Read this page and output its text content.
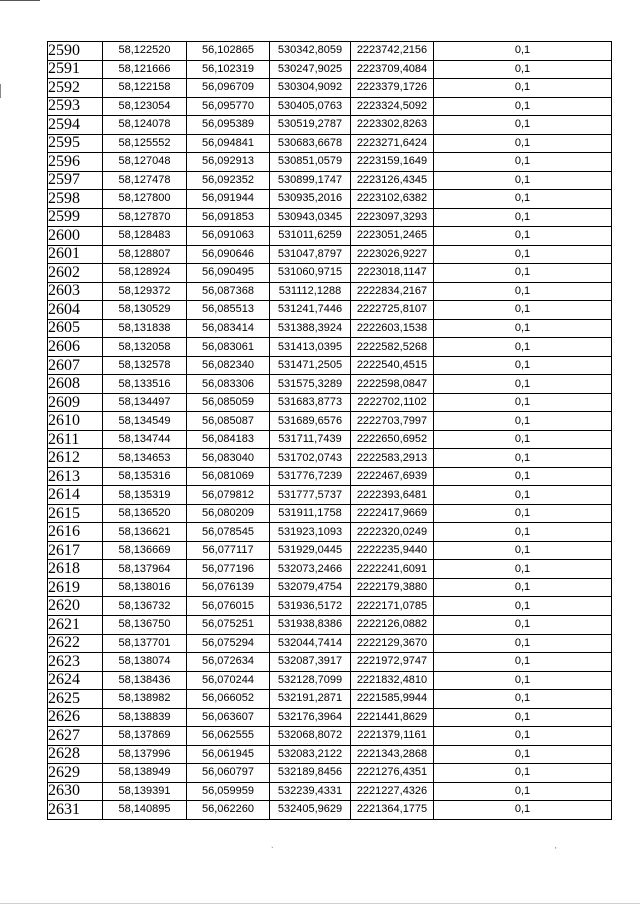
2590	58,122520	56,102865	530342,8059	2223742,2156	0,1
2591	58,121666	56,102319	530247,9025	2223709,4084	0,1
2592	58,122158	56,096709	530304,9092	2223379,1726	0,1
2593	58,123054	56,095770	530405,0763	2223324,5092	0,1
2594	58,124078	56,095389	530519,2787	2223302,8263	0,1
2595	58,125552	56,094841	530683,6678	2223271,6424	0,1
2596	58,127048	56,092913	530851,0579	2223159,1649	0,1
2597	58,127478	56,092352	530899,1747	2223126,4345	0,1
2598	58,127800	56,091944	530935,2016	2223102,6382	0,1
2599	58,127870	56,091853	530943,0345	2223097,3293	0,1
2600	58,128483	56,091063	531011,6259	2223051,2465	0,1
2601	58,128807	56,090646	531047,8797	2223026,9227	0,1
2602	58,128924	56,090495	531060,9715	2223018,1147	0,1
2603	58,129372	56,087368	531112,1288	2222834,2167	0,1
2604	58,130529	56,085513	531241,7446	2222725,8107	0,1
2605	58,131838	56,083414	531388,3924	2222603,1538	0,1
2606	58,132058	56,083061	531413,0395	2222582,5268	0,1
2607	58,132578	56,082340	531471,2505	2222540,4515	0,1
2608	58,133516	56,083306	531575,3289	2222598,0847	0,1
2609	58,134497	56,085059	531683,8773	2222702,1102	0,1
2610	58,134549	56,085087	531689,6576	2222703,7997	0,1
2611	58,134744	56,084183	531711,7439	2222650,6952	0,1
2612	58,134653	56,083040	531702,0743	2222583,2913	0,1
2613	58,135316	56,081069	531776,7239	2222467,6939	0,1
2614	58,135319	56,079812	531777,5737	2222393,6481	0,1
2615	58,136520	56,080209	531911,1758	2222417,9669	0,1
2616	58,136621	56,078545	531923,1093	2222320,0249	0,1
2617	58,136669	56,077117	531929,0445	2222235,9440	0,1
2618	58,137964	56,077196	532073,2466	2222241,6091	0,1
2619	58,138016	56,076139	532079,4754	2222179,3880	0,1
2620	58,136732	56,076015	531936,5172	2222171,0785	0,1
2621	58,136750	56,075251	531938,8386	2222126,0882	0,1
2622	58,137701	56,075294	532044,7414	2222129,3670	0,1
2623	58,138074	56,072634	532087,3917	2221972,9747	0,1
2624	58,138436	56,070244	532128,7099	2221832,4810	0,1
2625	58,138982	56,066052	532191,2871	2221585,9944	0,1
2626	58,138839	56,063607	532176,3964	2221441,8629	0,1
2627	58,137869	56,062555	532068,8072	2221379,1161	0,1
2628	58,137996	56,061945	532083,2122	2221343,2868	0,1
2629	58,138949	56,060797	532189,8456	2221276,4351	0,1
2630	58,139391	56,059959	532239,4331	2221227,4326	0,1
2631	58,140895	56,062260	532405,9629	2221364,1775	0,1
`	'
